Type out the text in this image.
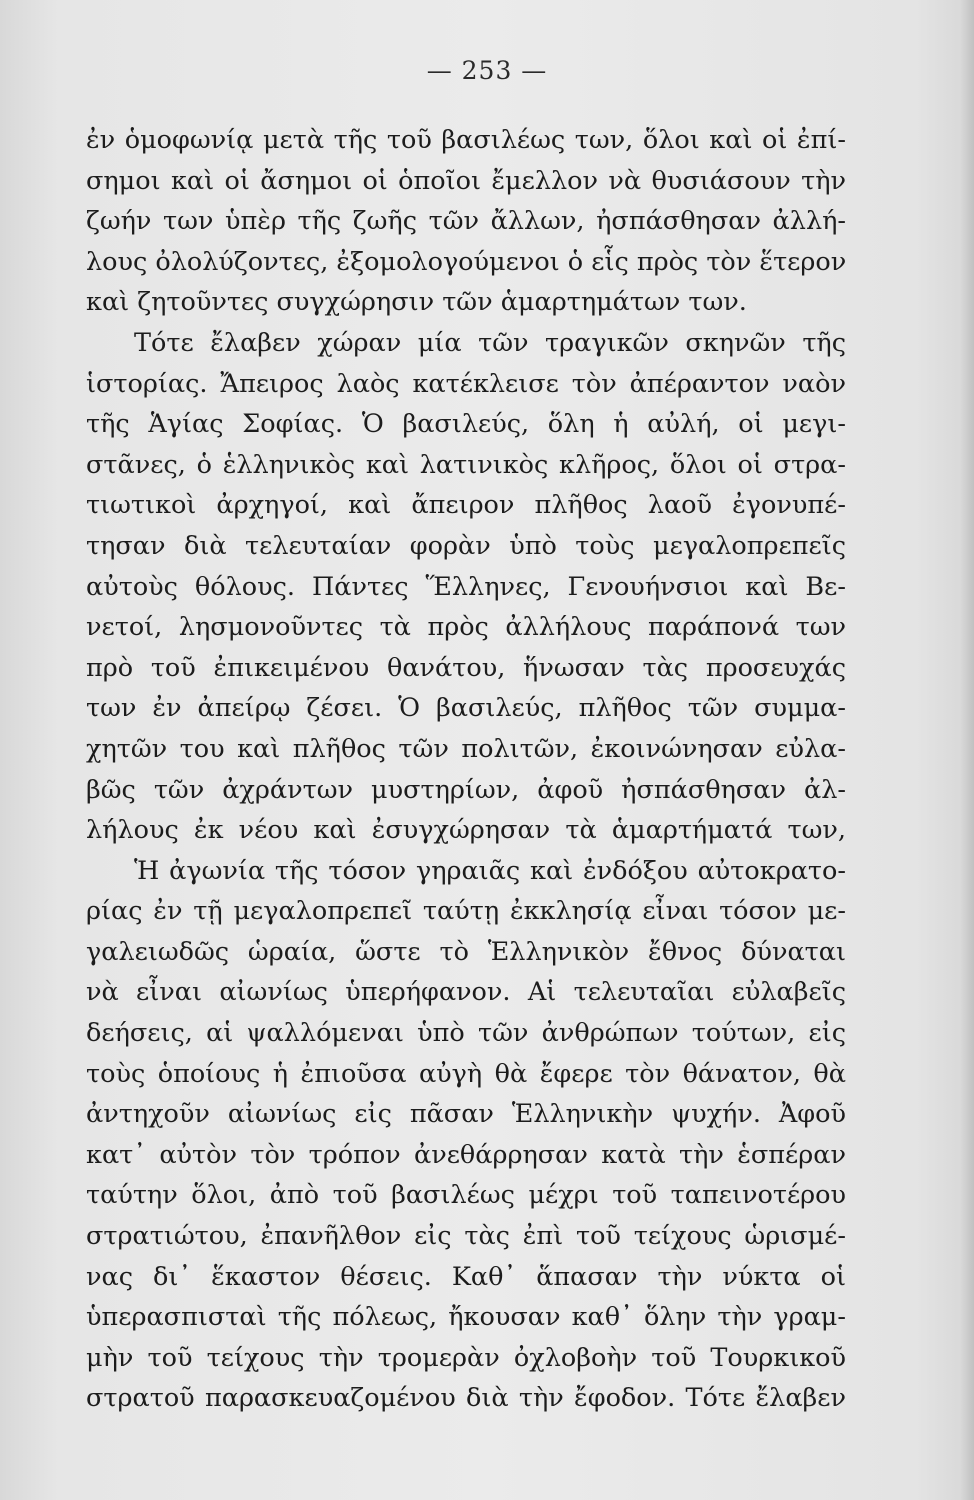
— 253 —
ἐν ὁμοφωνίᾳ μετὰ τῆς τοῦ βασιλέως των, ὅλοι καὶ οἱ ἐπί-
σημοι καὶ οἱ ἄσημοι οἱ ὁποῖοι ἔμελλον νὰ θυσιάσουν τὴν
ζωήν των ὑπὲρ τῆς ζωῆς τῶν ἄλλων, ἠσπάσθησαν ἀλλή-
λους ὀλολύζοντες, ἐξομολογούμενοι ὁ εἷς πρὸς τὸν ἕτερον
καὶ ζητοῦντες συγχώρησιν τῶν ἁμαρτημάτων των.
Τότε ἔλαβεν χώραν μία τῶν τραγικῶν σκηνῶν τῆς
ἱστορίας. Ἄπειρος λαὸς κατέκλεισε τὸν ἀπέραντον ναὸν
τῆς Ἁγίας Σοφίας. Ὁ βασιλεύς, ὅλη ἡ αὐλή, οἱ μεγι-
στᾶνες, ὁ ἑλληνικὸς καὶ λατινικὸς κλῆρος, ὅλοι οἱ στρα-
τιωτικοὶ ἀρχηγοί, καὶ ἄπειρον πλῆθος λαοῦ ἐγονυπέ-
τησαν διὰ τελευταίαν φορὰν ὑπὸ τοὺς μεγαλοπρεπεῖς
αὐτοὺς θόλους. Πάντες Ἕλληνες, Γενουήνσιοι καὶ Βε-
νετοί, λησμονοῦντες τὰ πρὸς ἀλλήλους παράπονά των
πρὸ τοῦ ἐπικειμένου θανάτου, ἥνωσαν τὰς προσευχάς
των ἐν ἀπείρῳ ζέσει. Ὁ βασιλεύς, πλῆθος τῶν συμμα-
χητῶν του καὶ πλῆθος τῶν πολιτῶν, ἐκοινώνησαν εὐλα-
βῶς τῶν ἀχράντων μυστηρίων, ἀφοῦ ἠσπάσθησαν ἀλ-
λήλους ἐκ νέου καὶ ἐσυγχώρησαν τὰ ἁμαρτήματά των,
Ἡ ἀγωνία τῆς τόσον γηραιᾶς καὶ ἐνδόξου αὐτοκρατο-
ρίας ἐν τῇ μεγαλοπρεπεῖ ταύτῃ ἐκκλησίᾳ εἶναι τόσον με-
γαλειωδῶς ὡραία, ὥστε τὸ Ἑλληνικὸν ἔθνος δύναται
νὰ εἶναι αἰωνίως ὑπερήφανον. Αἱ τελευταῖαι εὐλαβεῖς
δεήσεις, αἱ ψαλλόμεναι ὑπὸ τῶν ἀνθρώπων τούτων, εἰς
τοὺς ὁποίους ἡ ἐπιοῦσα αὐγὴ θὰ ἔφερε τὸν θάνατον, θὰ
ἀντηχοῦν αἰωνίως εἰς πᾶσαν Ἑλληνικὴν ψυχήν. Ἀφοῦ
κατ᾽ αὐτὸν τὸν τρόπον ἀνεθάρρησαν κατὰ τὴν ἑσπέραν
ταύτην ὅλοι, ἀπὸ τοῦ βασιλέως μέχρι τοῦ ταπεινοτέρου
στρατιώτου, ἐπανῆλθον εἰς τὰς ἐπὶ τοῦ τείχους ὡρισμέ-
νας δι᾽ ἕκαστον θέσεις. Καθ᾽ ἅπασαν τὴν νύκτα οἱ
ὑπερασπισταὶ τῆς πόλεως, ἤκουσαν καθ᾽ ὅλην τὴν γραμ-
μὴν τοῦ τείχους τὴν τρομερὰν ὀχλοβοὴν τοῦ Τουρκικοῦ
στρατοῦ παρασκευαζομένου διὰ τὴν ἔφοδον. Τότε ἔλαβεν
